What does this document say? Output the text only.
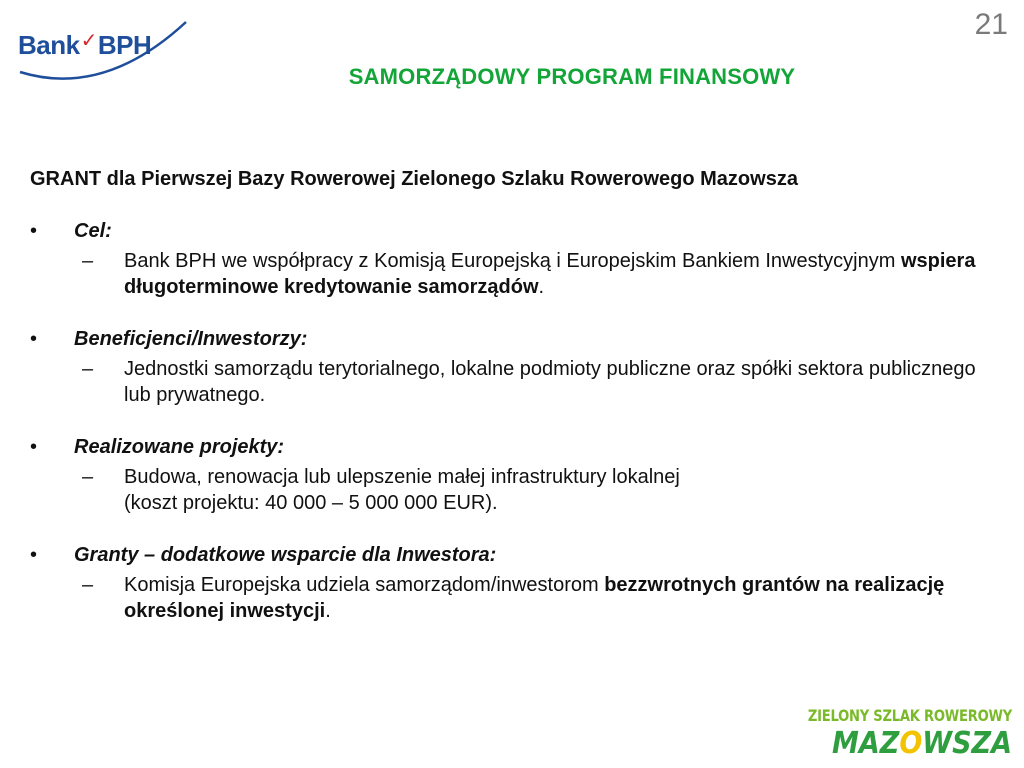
Bank✓BPH
21
SAMORZĄDOWY PROGRAM FINANSOWY

GRANT dla Pierwszej Bazy Rowerowej Zielonego Szlaku Rowerowego Mazowsza

• Cel:

– Bank BPH we współpracy z Komisją Europejską i Europejskim Bankiem Inwestycyjnym wspiera długoterminowe kredytowanie samorządów.

• Beneficjenci/Inwestorzy:

– Jednostki samorządu terytorialnego, lokalne podmioty publiczne oraz spółki sektora publicznego lub prywatnego.

• Realizowane projekty:

– Budowa, renowacja lub ulepszenie małej infrastruktury lokalnej
(koszt projektu: 40 000 – 5 000 000 EUR).

• Granty – dodatkowe wsparcie dla Inwestora:

– Komisja Europejska udziela samorządom/inwestorom bezzwrotnych grantów na realizację określonej inwestycji.

ZIELONY SZLAK ROWEROWY
MAZOWSZA
